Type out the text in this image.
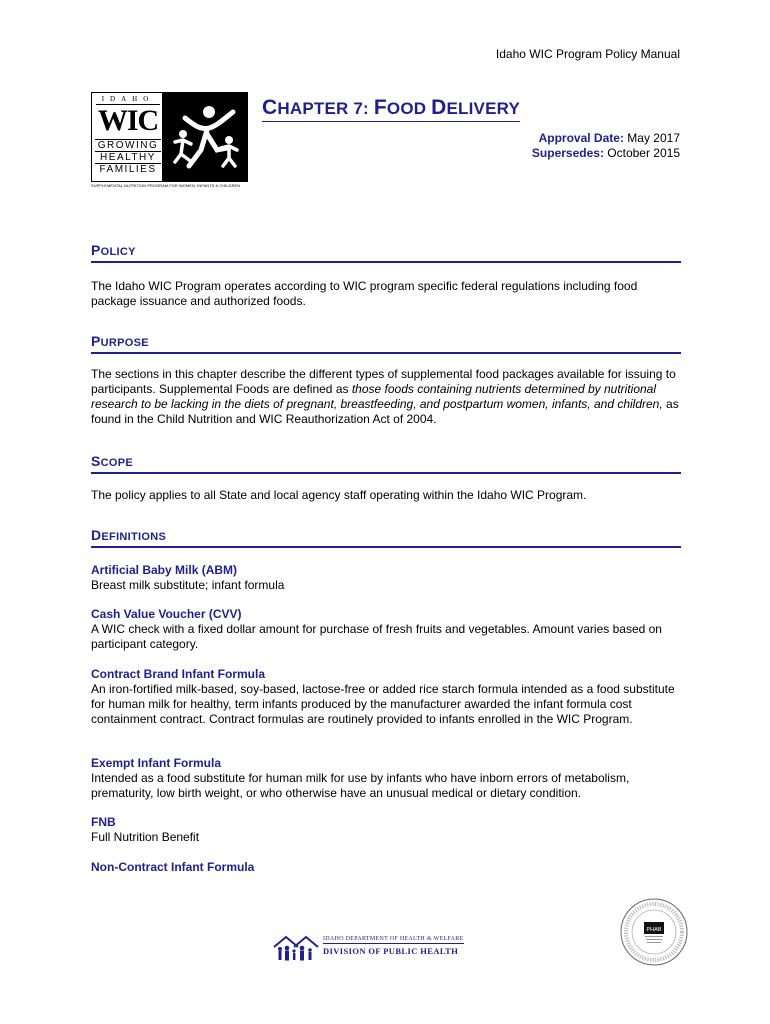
Idaho WIC Program Policy Manual
IDAHO
WIC
GROWING
HEALTHY
FAMILIES
SUPPLEMENTAL NUTRITION PROGRAM FOR WOMEN, INFANTS & CHILDREN
CHAPTER 7: FOOD DELIVERY
Approval Date: May 2017
Supersedes: October 2015
POLICY
The Idaho WIC Program operates according to WIC program specific federal regulations including food package issuance and authorized foods.
PURPOSE
The sections in this chapter describe the different types of supplemental food packages available for issuing to participants. Supplemental Foods are defined as those foods containing nutrients determined by nutritional research to be lacking in the diets of pregnant, breastfeeding, and postpartum women, infants, and children, as found in the Child Nutrition and WIC Reauthorization Act of 2004.
SCOPE
The policy applies to all State and local agency staff operating within the Idaho WIC Program.
DEFINITIONS
Artificial Baby Milk (ABM)
Breast milk substitute; infant formula
Cash Value Voucher (CVV)
A WIC check with a fixed dollar amount for purchase of fresh fruits and vegetables. Amount varies based on participant category.
Contract Brand Infant Formula
An iron-fortified milk-based, soy-based, lactose-free or added rice starch formula intended as a food substitute for human milk for healthy, term infants produced by the manufacturer awarded the infant formula cost containment contract. Contract formulas are routinely provided to infants enrolled in the WIC Program.
Exempt Infant Formula
Intended as a food substitute for human milk for use by infants who have inborn errors of metabolism, prematurity, low birth weight, or who otherwise have an unusual medical or dietary condition.
FNB
Full Nutrition Benefit
Non-Contract Infant Formula
IDAHO DEPARTMENT OF HEALTH & WELFARE
DIVISION OF PUBLIC HEALTH
PHAB
